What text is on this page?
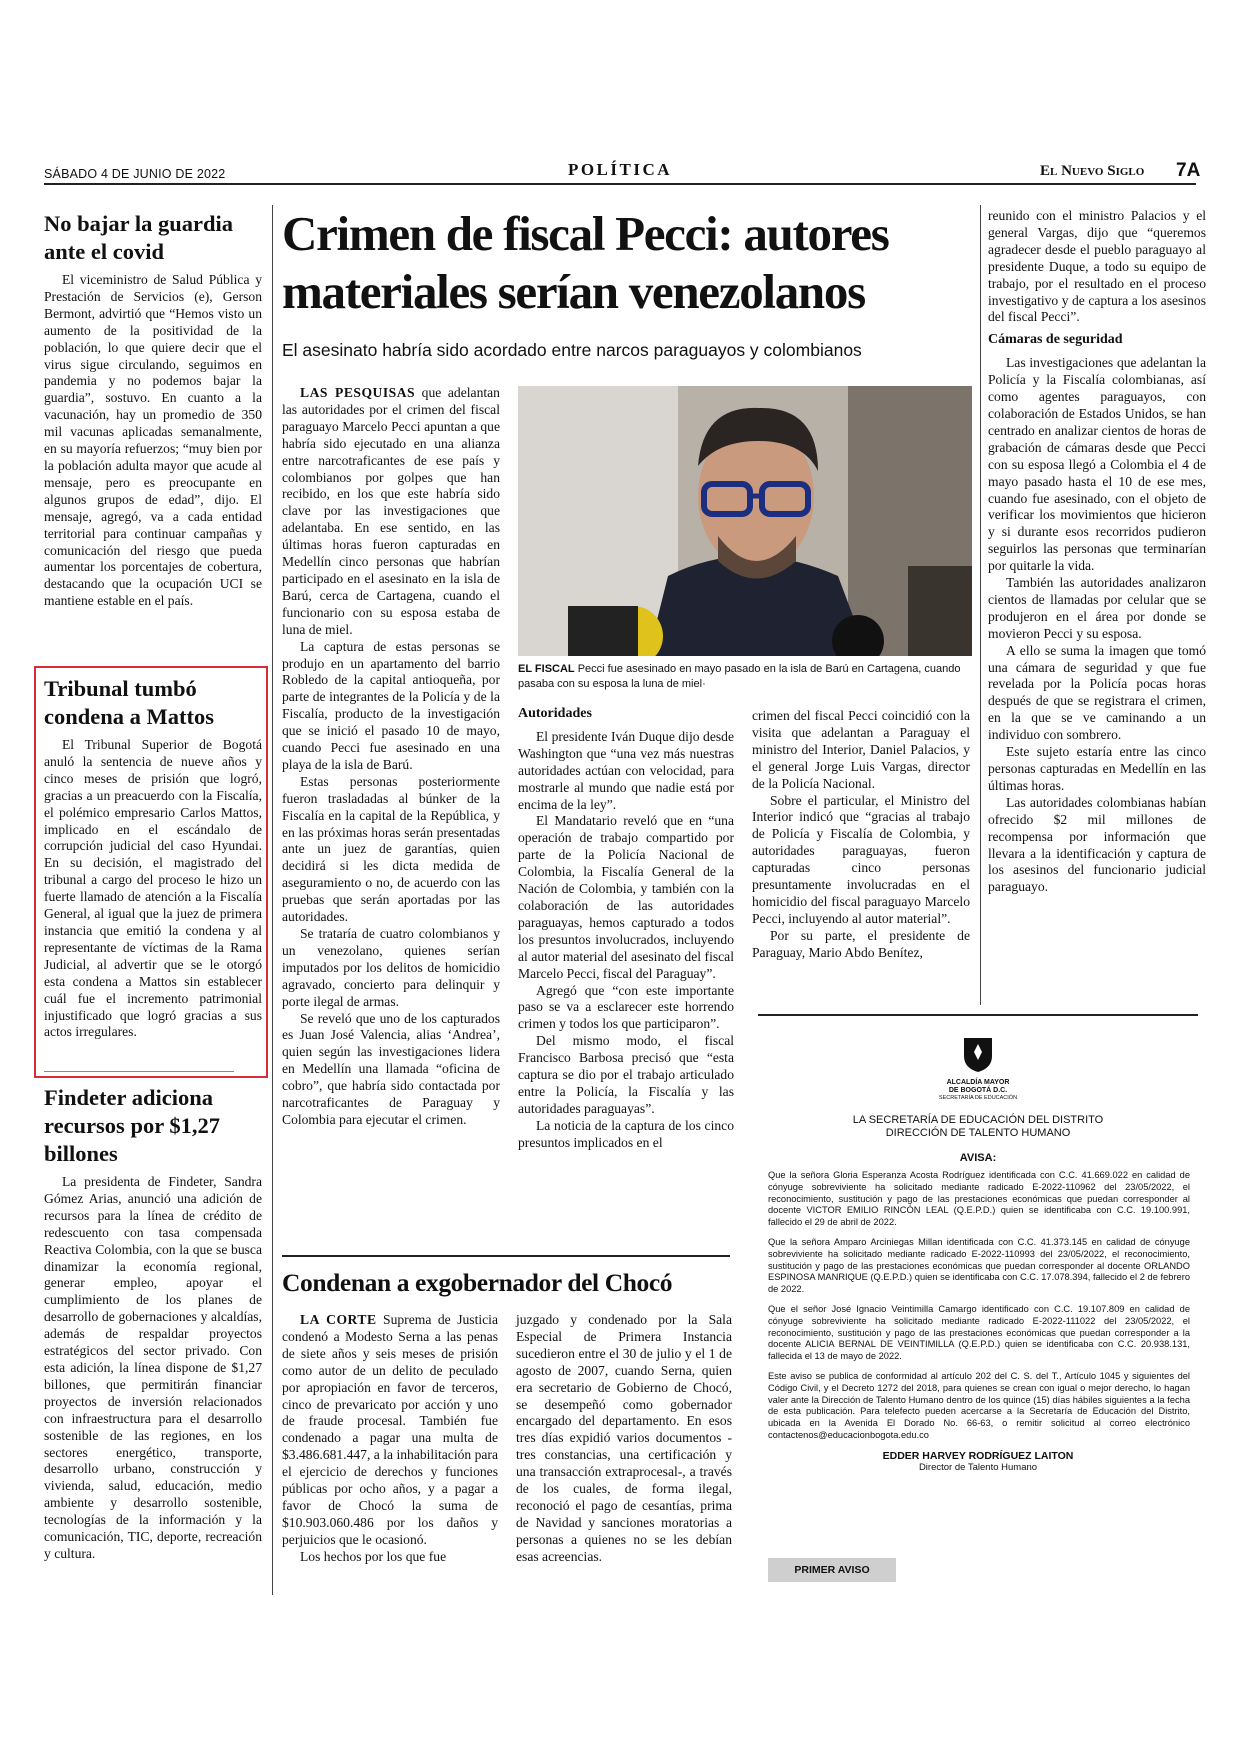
SÁBADO 4 DE JUNIO DE 2022	POLÍTICA	El Nuevo Siglo 7A
No bajar la guardia ante el covid

El viceministro de Salud Pública y Prestación de Servicios (e), Gerson Bermont, advirtió que “Hemos visto un aumento de la positividad de la población, lo que quiere decir que el virus sigue circulando, seguimos en pandemia y no podemos bajar la guardia”, sostuvo. En cuanto a la vacunación, hay un promedio de 350 mil vacunas aplicadas semanalmente, en su mayoría refuerzos; “muy bien por la población adulta mayor que acude al mensaje, pero es preocupante en algunos grupos de edad”, dijo. El mensaje, agregó, va a cada entidad territorial para continuar campañas y comunicación del riesgo que pueda aumentar los porcentajes de cobertura, destacando que la ocupación UCI se mantiene estable en el país.

Tribunal tumbó condena a Mattos

El Tribunal Superior de Bogotá anuló la sentencia de nueve años y cinco meses de prisión que logró, gracias a un preacuerdo con la Fiscalía, el polémico empresario Carlos Mattos, implicado en el escándalo de corrupción judicial del caso Hyundai. En su decisión, el magistrado del tribunal a cargo del proceso le hizo un fuerte llamado de atención a la Fiscalía General, al igual que la juez de primera instancia que emitió la condena y al representante de víctimas de la Rama Judicial, al advertir que se le otorgó esta condena a Mattos sin establecer cuál fue el incremento patrimonial injustificado que logró gracias a sus actos irregulares.

Findeter adiciona recursos por $1,27 billones

La presidenta de Findeter, Sandra Gómez Arias, anunció una adición de recursos para la línea de crédito de redescuento con tasa compensada Reactiva Colombia, con la que se busca dinamizar la economía regional, generar empleo, apoyar el cumplimiento de los planes de desarrollo de gobernaciones y alcaldías, además de respaldar proyectos estratégicos del sector privado. Con esta adición, la línea dispone de $1,27 billones, que permitirán financiar proyectos de inversión relacionados con infraestructura para el desarrollo sostenible de las regiones, en los sectores energético, transporte, desarrollo urbano, construcción y vivienda, salud, educación, medio ambiente y desarrollo sostenible, tecnologías de la información y la comunicación, TIC, deporte, recreación y cultura.

Crimen de fiscal Pecci: autores materiales serían venezolanos
El asesinato habría sido acordado entre narcos paraguayos y colombianos

LAS PESQUISAS que adelantan las autoridades por el crimen del fiscal paraguayo Marcelo Pecci apuntan a que habría sido ejecutado en una alianza entre narcotraficantes de ese país y colombianos por golpes que han recibido, en los que este habría sido clave por las investigaciones que adelantaba. En ese sentido, en las últimas horas fueron capturadas en Medellín cinco personas que habrían participado en el asesinato en la isla de Barú, cerca de Cartagena, cuando el funcionario con su esposa estaba de luna de miel.

La captura de estas personas se produjo en un apartamento del barrio Robledo de la capital antioqueña, por parte de integrantes de la Policía y de la Fiscalía, producto de la investigación que se inició el pasado 10 de mayo, cuando Pecci fue asesinado en una playa de la isla de Barú.

Estas personas posteriormente fueron trasladadas al búnker de la Fiscalía en la capital de la República, y en las próximas horas serán presentadas ante un juez de garantías, quien decidirá si les dicta medida de aseguramiento o no, de acuerdo con las pruebas que serán aportadas por las autoridades.

Se trataría de cuatro colombianos y un venezolano, quienes serían imputados por los delitos de homicidio agravado, concierto para delinquir y porte ilegal de armas.

Se reveló que uno de los capturados es Juan José Valencia, alias ‘Andrea’, quien según las investigaciones lidera en Medellín una llamada “oficina de cobro”, que habría sido contactada por narcotraficantes de Paraguay y Colombia para ejecutar el crimen.

EL FISCAL Pecci fue asesinado en mayo pasado en la isla de Barú en Cartagena, cuando pasaba con su esposa la luna de miel·
Autoridades

El presidente Iván Duque dijo desde Washington que “una vez más nuestras autoridades actúan con velocidad, para mostrarle al mundo que nadie está por encima de la ley”.

El Mandatario reveló que en “una operación de trabajo compartido por parte de la Policía Nacional de Colombia, la Fiscalía General de la Nación de Colombia, y también con la colaboración de las autoridades paraguayas, hemos capturado a todos los presuntos involucrados, incluyendo al autor material del asesinato del fiscal Marcelo Pecci, fiscal del Paraguay”.

Agregó que “con este importante paso se va a esclarecer este horrendo crimen y todos los que participaron”.

Del mismo modo, el fiscal Francisco Barbosa precisó que “esta captura se dio por el trabajo articulado entre la Policía, la Fiscalía y las autoridades paraguayas”.

La noticia de la captura de los cinco presuntos implicados en el

crimen del fiscal Pecci coincidió con la visita que adelantan a Paraguay el ministro del Interior, Daniel Palacios, y el general Jorge Luis Vargas, director de la Policía Nacional.

Sobre el particular, el Ministro del Interior indicó que “gracias al trabajo de Policía y Fiscalía de Colombia, y autoridades paraguayas, fueron capturadas cinco personas presuntamente involucradas en el homicidio del fiscal paraguayo Marcelo Pecci, incluyendo al autor material”.

Por su parte, el presidente de Paraguay, Mario Abdo Benítez,

reunido con el ministro Palacios y el general Vargas, dijo que “queremos agradecer desde el pueblo paraguayo al presidente Duque, a todo su equipo de trabajo, por el resultado en el proceso investigativo y de captura a los asesinos del fiscal Pecci”.

Cámaras de seguridad

Las investigaciones que adelantan la Policía y la Fiscalía colombianas, así como agentes paraguayos, con colaboración de Estados Unidos, se han centrado en analizar cientos de horas de grabación de cámaras desde que Pecci con su esposa llegó a Colombia el 4 de mayo pasado hasta el 10 de ese mes, cuando fue asesinado, con el objeto de verificar los movimientos que hicieron y si durante esos recorridos pudieron seguirlos las personas que terminarían por quitarle la vida.

También las autoridades analizaron cientos de llamadas por celular que se produjeron en el área por donde se movieron Pecci y su esposa.

A ello se suma la imagen que tomó una cámara de seguridad y que fue revelada por la Policía pocas horas después de que se registrara el crimen, en la que se ve caminando a un individuo con sombrero.

Este sujeto estaría entre las cinco personas capturadas en Medellín en las últimas horas.

Las autoridades colombianas habían ofrecido $2 mil millones de recompensa por información que llevara a la identificación y captura de los asesinos del funcionario judicial paraguayo.

Condenan a exgobernador del Chocó

LA CORTE Suprema de Justicia condenó a Modesto Serna a las penas de siete años y seis meses de prisión como autor de un delito de peculado por apropiación en favor de terceros, cinco de prevaricato por acción y uno de fraude procesal. También fue condenado a pagar una multa de $3.486.681.447, a la inhabilitación para el ejercicio de derechos y funciones públicas por ocho años, y a pagar a favor de Chocó la suma de $10.903.060.486 por los daños y perjuicios que le ocasionó.

Los hechos por los que fue

juzgado y condenado por la Sala Especial de Primera Instancia sucedieron entre el 30 de julio y el 1 de agosto de 2007, cuando Serna, quien era secretario de Gobierno de Chocó, se desempeñó como gobernador encargado del departamento. En esos tres días expidió varios documentos -tres constancias, una certificación y una transacción extraprocesal-, a través de los cuales, de forma ilegal, reconoció el pago de cesantías, prima de Navidad y sanciones moratorias a personas a quienes no se les debían esas acreencias.

ALCALDÍA MAYOR
DE BOGOTÁ D.C.
SECRETARÍA DE EDUCACIÓN
LA SECRETARÍA DE EDUCACIÓN DEL DISTRITO
DIRECCIÓN DE TALENTO HUMANO
AVISA:

Que la señora Gloria Esperanza Acosta Rodríguez identificada con C.C. 41.669.022 en calidad de cónyuge sobreviviente ha solicitado mediante radicado E-2022-110962 del 23/05/2022, el reconocimiento, sustitución y pago de las prestaciones económicas que puedan corresponder al docente VICTOR EMILIO RINCÓN LEAL (Q.E.P.D.) quien se identificaba con C.C. 19.100.991, fallecido el 29 de abril de 2022.

Que la señora Amparo Arciniegas Millan identificada con C.C. 41.373.145 en calidad de cónyuge sobreviviente ha solicitado mediante radicado E-2022-110993 del 23/05/2022, el reconocimiento, sustitución y pago de las prestaciones económicas que puedan corresponder al docente ORLANDO ESPINOSA MANRIQUE (Q.E.P.D.) quien se identificaba con C.C. 17.078.394, fallecido el 2 de febrero de 2022.

Que el señor José Ignacio Veintimilla Camargo identificado con C.C. 19.107.809 en calidad de cónyuge sobreviviente ha solicitado mediante radicado E-2022-111022 del 23/05/2022, el reconocimiento, sustitución y pago de las prestaciones económicas que puedan corresponder a la docente ALICIA BERNAL DE VEINTIMILLA (Q.E.P.D.) quien se identificaba con C.C. 20.938.131, fallecida el 13 de mayo de 2022.

Este aviso se publica de conformidad al artículo 202 del C. S. del T., Artículo 1045 y siguientes del Código Civil, y el Decreto 1272 del 2018, para quienes se crean con igual o mejor derecho, lo hagan valer ante la Dirección de Talento Humano dentro de los quince (15) días hábiles siguientes a la fecha de esta publicación. Para telefecto pueden acercarse a la Secretaría de Educación del Distrito, ubicada en la Avenida El Dorado No. 66-63, o remitir solicitud al correo electrónico contactenos@educacionbogota.edu.co

EDDER HARVEY RODRÍGUEZ LAITON
Director de Talento Humano
PRIMER AVISO
